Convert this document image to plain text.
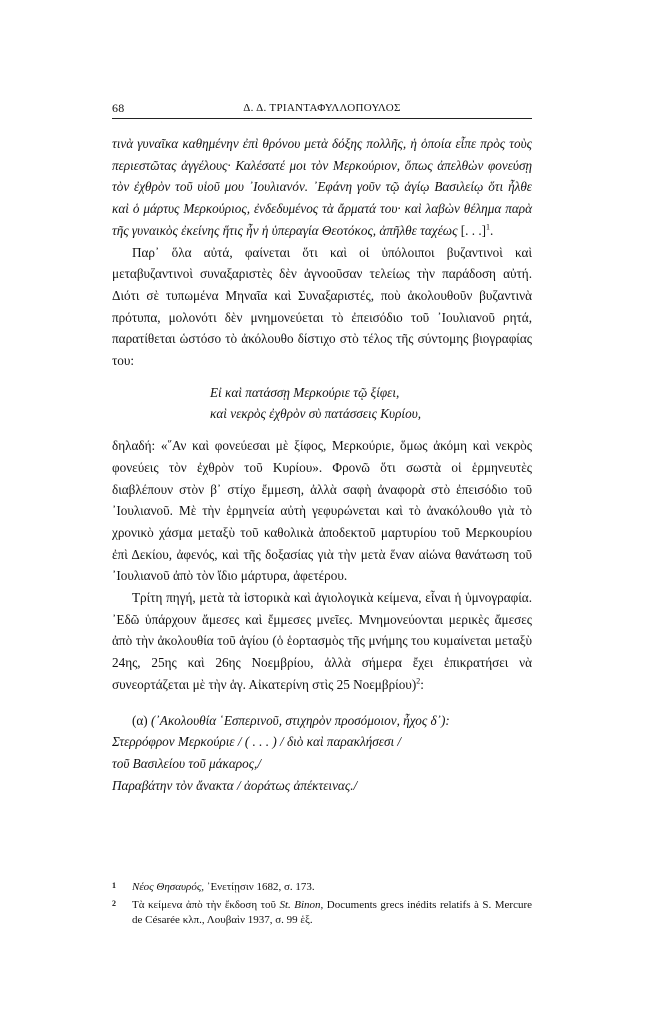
68	Δ. Δ. ΤΡΙΑΝΤΑΦΥΛΛΟΠΟΥΛΟΣ

τινὰ γυναῖκα καθημένην ἐπὶ θρόνου μετὰ δόξης πολλῆς, ἡ ὁποία εἶπε πρὸς τοὺς περιεστῶτας ἀγγέλους· Καλέσατέ μοι τὸν Μερκούριον, ὅπως ἀπελθὼν φονεύσῃ τὸν ἐχθρὸν τοῦ υἱοῦ μου ᾿Ιουλιανόν. ᾿Εφάνη γοῦν τῷ ἁγίῳ Βασιλείῳ ὅτι ἦλθε καὶ ὁ μάρτυς Μερκούριος, ἐνδεδυμένος τὰ ἄρματά του· καὶ λαβὼν θέλημα παρὰ τῆς γυναικὸς ἐκείνης ἥτις ἦν ἡ ὑπεραγία Θεοτόκος, ἀπῆλθε ταχέως [. . .]$^1$.

Παρ᾿ ὅλα αὐτά, φαίνεται ὅτι καὶ οἱ ὑπόλοιποι βυζαντινοὶ καὶ μεταβυζαντινοὶ συναξαριστὲς δὲν ἀγνοοῦσαν τελείως τὴν παράδοση αὐτή. Διότι σὲ τυπωμένα Μηναῖα καὶ Συναξαριστές, ποὺ ἀκολουθοῦν βυζαντινὰ πρότυπα, μολονότι δὲν μνημονεύεται τὸ ἐπεισόδιο τοῦ ᾿Ιουλιανοῦ ρητά, παρατίθεται ὡστόσο τὸ ἀκόλουθο δίστιχο στὸ τέλος τῆς σύντομης βιογραφίας του:

Εἰ καὶ πατάσσῃ Μερκούριε τῷ ξίφει,
καὶ νεκρὸς ἐχθρὸν σὺ πατάσσεις Κυρίου,

δηλαδή: «῞Αν καὶ φονεύεσαι μὲ ξίφος, Μερκούριε, ὅμως ἀκόμη καὶ νεκρὸς φονεύεις τὸν ἐχθρὸν τοῦ Κυρίου». Φρονῶ ὅτι σωστὰ οἱ ἑρμηνευτὲς διαβλέπουν στὸν β᾿ στίχο ἔμμεση, ἀλλὰ σαφὴ ἀναφορὰ στὸ ἐπεισόδιο τοῦ ᾿Ιουλιανοῦ. Μὲ τὴν ἑρμηνεία αὐτὴ γεφυρώνεται καὶ τὸ ἀνακόλουθο γιὰ τὸ χρονικὸ χάσμα μεταξὺ τοῦ καθολικὰ ἀποδεκτοῦ μαρτυρίου τοῦ Μερκουρίου ἐπὶ Δεκίου, ἀφενός, καὶ τῆς δοξασίας γιὰ τὴν μετὰ ἕναν αἰώνα θανάτωση τοῦ ᾿Ιουλιανοῦ ἀπὸ τὸν ἴδιο μάρτυρα, ἀφετέρου.

Τρίτη πηγή, μετὰ τὰ ἱστορικὰ καὶ ἁγιολογικὰ κείμενα, εἶναι ἡ ὑμνογραφία. ᾿Εδῶ ὑπάρχουν ἄμεσες καὶ ἔμμεσες μνεῖες. Μνημονεύονται μερικὲς ἄμεσες ἀπὸ τὴν ἀκολουθία τοῦ ἁγίου (ὁ ἑορτασμὸς τῆς μνήμης του κυμαίνεται μεταξὺ 24ης, 25ης καὶ 26ης Νοεμβρίου, ἀλλὰ σήμερα ἔχει ἐπικρατήσει νὰ συνεορτάζεται μὲ τὴν ἁγ. Αἰκατερίνη στὶς 25 Νοεμβρίου)$^2$:

(α) (᾿Ακολουθία ῾Εσπερινοῦ, στιχηρὸν προσόμοιον, ἦχος δ᾿):
Στερρόφρον Μερκούριε / ( . . . ) / διὸ καὶ παρακλήσεσι /
τοῦ Βασιλείου τοῦ μάκαρος,/
Παραβάτην τὸν ἄνακτα / ἀοράτως ἀπέκτεινας./
1 Νέος Θησαυρός, ᾿Ενετίῃσιν 1682, σ. 173.
2 Τὰ κείμενα ἀπὸ τὴν ἔκδοση τοῦ St. Binon, Documents grecs inédits relatifs à S. Mercure de Césarée κλπ., Λουβαὶν 1937, σ. 99 ἑξ.
